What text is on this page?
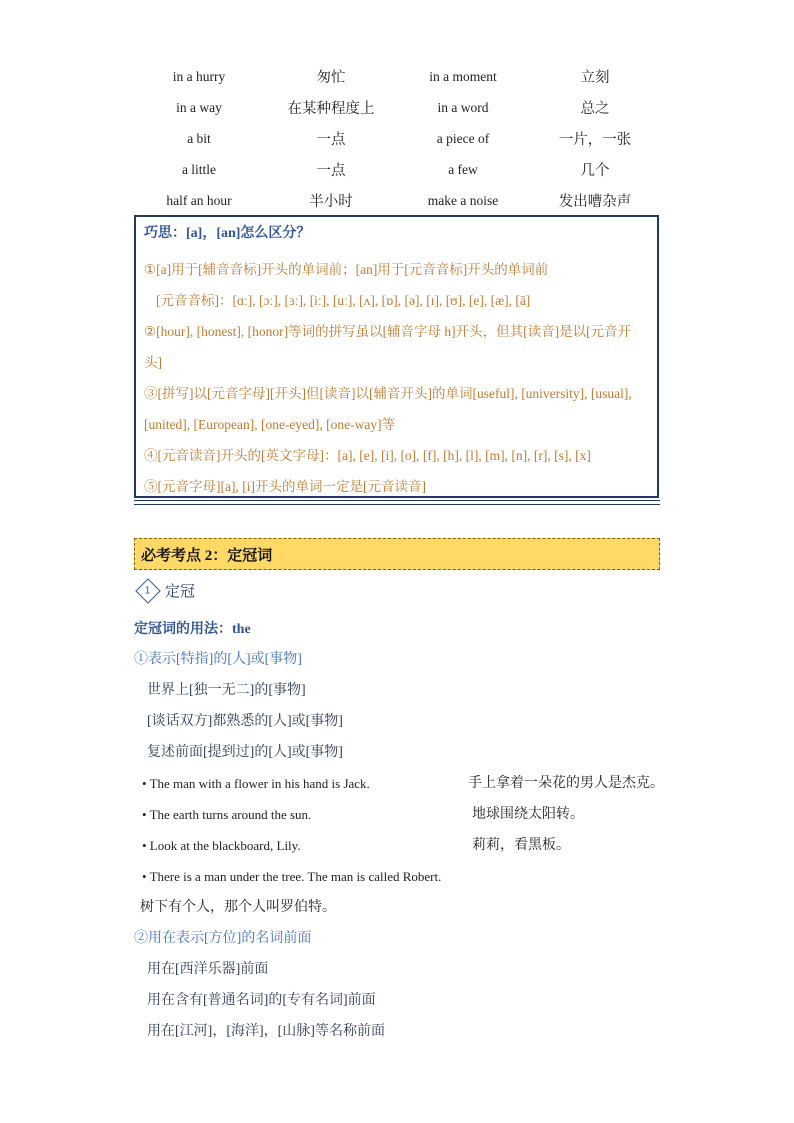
in a hurry	匆忙	in a moment	立刻
in a way	在某种程度上	in a word	总之
a bit	一点	a piece of	一片，一张
a little	一点	a few	几个
half an hour	半小时	make a noise	发出嘈杂声
巧思：[a]，[an]怎么区分？
①[a]用于[辅音音标]开头的单词前；[an]用于[元音音标]开头的单词前
[元音音标]：[ɑː], [ɔː], [ɜː], [iː], [uː], [ʌ], [ɒ], [ə], [ɪ], [ʊ], [e], [æ], [ā]
②[hour], [honest], [honor]等词的拼写虽以[辅音字母 h]开头，但其[读音]是以[元音开
头]
③[拼写]以[元音字母][开头]但[读音]以[辅音开头]的单词[useful], [university], [usual],
[united], [European], [one-eyed], [one-way]等
④[元音读音]开头的[英文字母]：[a], [e], [i], [o], [f], [h], [l], [m], [n], [r], [s], [x]
⑤[元音字母][a], [i]开头的单词一定是[元音读音]
必考考点 2：定冠词
1 定冠
定冠词的用法：the
①表示[特指]的[人]或[事物]
世界上[独一无二]的[事物]
[谈话双方]都熟悉的[人]或[事物]
复述前面[提到过]的[人]或[事物]
• The man with a flower in his hand is Jack.	手上拿着一朵花的男人是杰克。
• The earth turns around the sun.	地球围绕太阳转。
• Look at the blackboard, Lily.	莉莉，看黑板。
• There is a man under the tree. The man is called Robert.
树下有个人，那个人叫罗伯特。
②用在表示[方位]的名词前面
用在[西洋乐器]前面
用在含有[普通名词]的[专有名词]前面
用在[江河]，[海洋]，[山脉]等名称前面
